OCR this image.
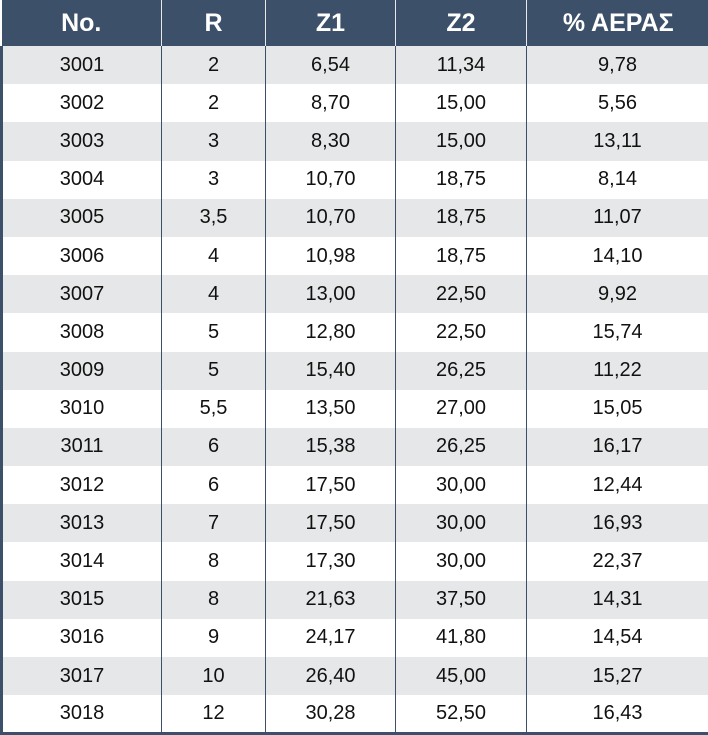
No.	R	Z1	Z2	% ΑΕΡΑΣ
3001	2	6,54	11,34	9,78
3002	2	8,70	15,00	5,56
3003	3	8,30	15,00	13,11
3004	3	10,70	18,75	8,14
3005	3,5	10,70	18,75	11,07
3006	4	10,98	18,75	14,10
3007	4	13,00	22,50	9,92
3008	5	12,80	22,50	15,74
3009	5	15,40	26,25	11,22
3010	5,5	13,50	27,00	15,05
3011	6	15,38	26,25	16,17
3012	6	17,50	30,00	12,44
3013	7	17,50	30,00	16,93
3014	8	17,30	30,00	22,37
3015	8	21,63	37,50	14,31
3016	9	24,17	41,80	14,54
3017	10	26,40	45,00	15,27
3018	12	30,28	52,50	16,43
